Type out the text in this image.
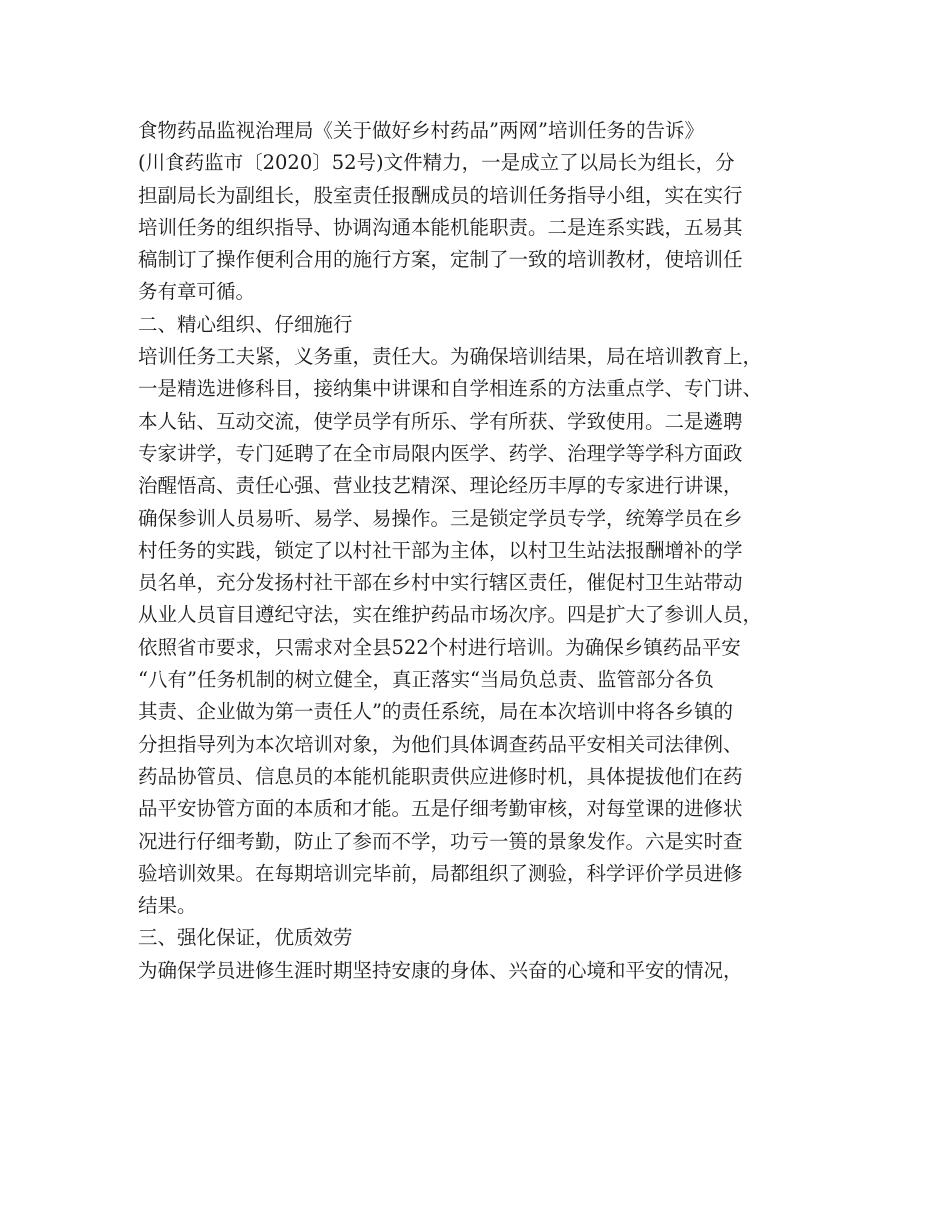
食物药品监视治理局《关于做好乡村药品”两网”培训任务的告诉》
(川食药监市〔2020〕52号)文件精力，一是成立了以局长为组长，分
担副局长为副组长，股室责任报酬成员的培训任务指导小组，实在实行
培训任务的组织指导、协调沟通本能机能职责。二是连系实践，五易其
稿制订了操作便利合用的施行方案，定制了一致的培训教材，使培训任
务有章可循。
二、精心组织、仔细施行
培训任务工夫紧，义务重，责任大。为确保培训结果，局在培训教育上，
一是精选进修科目，接纳集中讲课和自学相连系的方法重点学、专门讲、
本人钻、互动交流，使学员学有所乐、学有所获、学致使用。二是遴聘
专家讲学，专门延聘了在全市局限内医学、药学、治理学等学科方面政
治醒悟高、责任心强、营业技艺精深、理论经历丰厚的专家进行讲课，
确保参训人员易听、易学、易操作。三是锁定学员专学，统筹学员在乡
村任务的实践，锁定了以村社干部为主体，以村卫生站法报酬增补的学
员名单，充分发扬村社干部在乡村中实行辖区责任，催促村卫生站带动
从业人员盲目遵纪守法，实在维护药品市场次序。四是扩大了参训人员，
依照省市要求，只需求对全县522个村进行培训。为确保乡镇药品平安
“八有”任务机制的树立健全，真正落实“当局负总责、监管部分各负
其责、企业做为第一责任人”的责任系统，局在本次培训中将各乡镇的
分担指导列为本次培训对象，为他们具体调查药品平安相关司法律例、
药品协管员、信息员的本能机能职责供应进修时机，具体提拔他们在药
品平安协管方面的本质和才能。五是仔细考勤审核，对每堂课的进修状
况进行仔细考勤，防止了参而不学，功亏一篑的景象发作。六是实时查
验培训效果。在每期培训完毕前，局都组织了测验，科学评价学员进修
结果。
三、强化保证，优质效劳
为确保学员进修生涯时期坚持安康的身体、兴奋的心境和平安的情况，
